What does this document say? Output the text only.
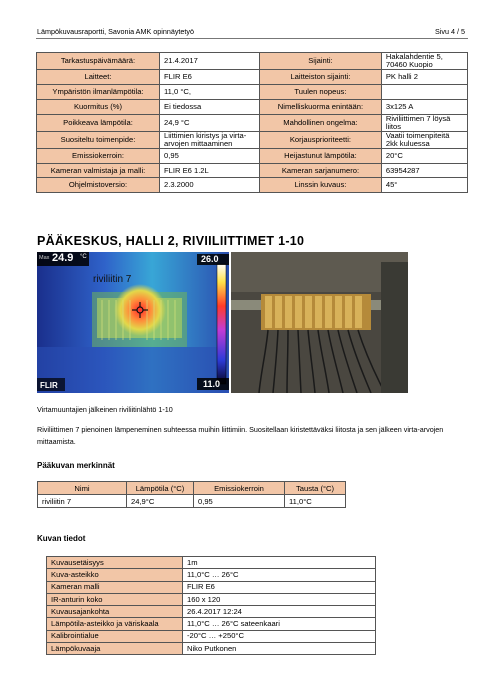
Lämpökuvausraportti, Savonia AMK opinnäytetyö	Sivu 4 / 5
Tarkastuspäivämäärä:	21.4.2017	Sijainti:	Hakalahdentie 5, 70460 Kuopio
Laitteet:	FLIR E6	Laitteiston sijainti:	PK halli 2
Ympäristön ilmanlämpötila:	11,0 °C,	Tuulen nopeus:	
Kuormitus (%)	Ei tiedossa	Nimelliskuorma enintään:	3x125 A
Poikkeava lämpötila:	24,9 °C	Mahdollinen ongelma:	Riviliittimen 7 löysä liitos
Suositeltu toimenpide:	Liittimien kiristys ja virta-arvojen mittaaminen	Korjausprioriteetti:	Vaatii toimenpiteitä 2kk kuluessa
Emissiokerroin:	0,95	Heijastunut lämpötila:	20°C
Kameran valmistaja ja malli:	FLIR E6 1.2L	Kameran sarjanumero:	63954287
Ohjelmistoversio:	2.3.2000	Linssin kuvaus:	45°
PÄÄKESKUS, HALLI 2, RIVIILIITTIMET 1-10
Max 24.9 °C	26.0
11.0
riviliitin 7
FLIR
Virtamuuntajien jälkeinen riviliitinlähtö 1-10
Riviliittimen 7 pienoinen lämpeneminen suhteessa muihin liittimiin. Suositellaan kiristettäväksi liitosta ja sen jälkeen virta-arvojen mittaamista.
Pääkuvan merkinnät
Nimi	Lämpötila (°C)	Emissiokerroin	Tausta (°C)
riviliitin 7	24,9°C	0,95	11,0°C
Kuvan tiedot
Kuvausetäisyys	1m
Kuva-asteikko	11,0°C … 26°C
Kameran malli	FLIR E6
IR-anturin koko	160 x 120
Kuvausajankohta	26.4.2017 12:24
Lämpötila-asteikko ja väriskaala	11,0°C … 26°C sateenkaari
Kalibrointialue	-20°C … +250°C
Lämpökuvaaja	Niko Putkonen
